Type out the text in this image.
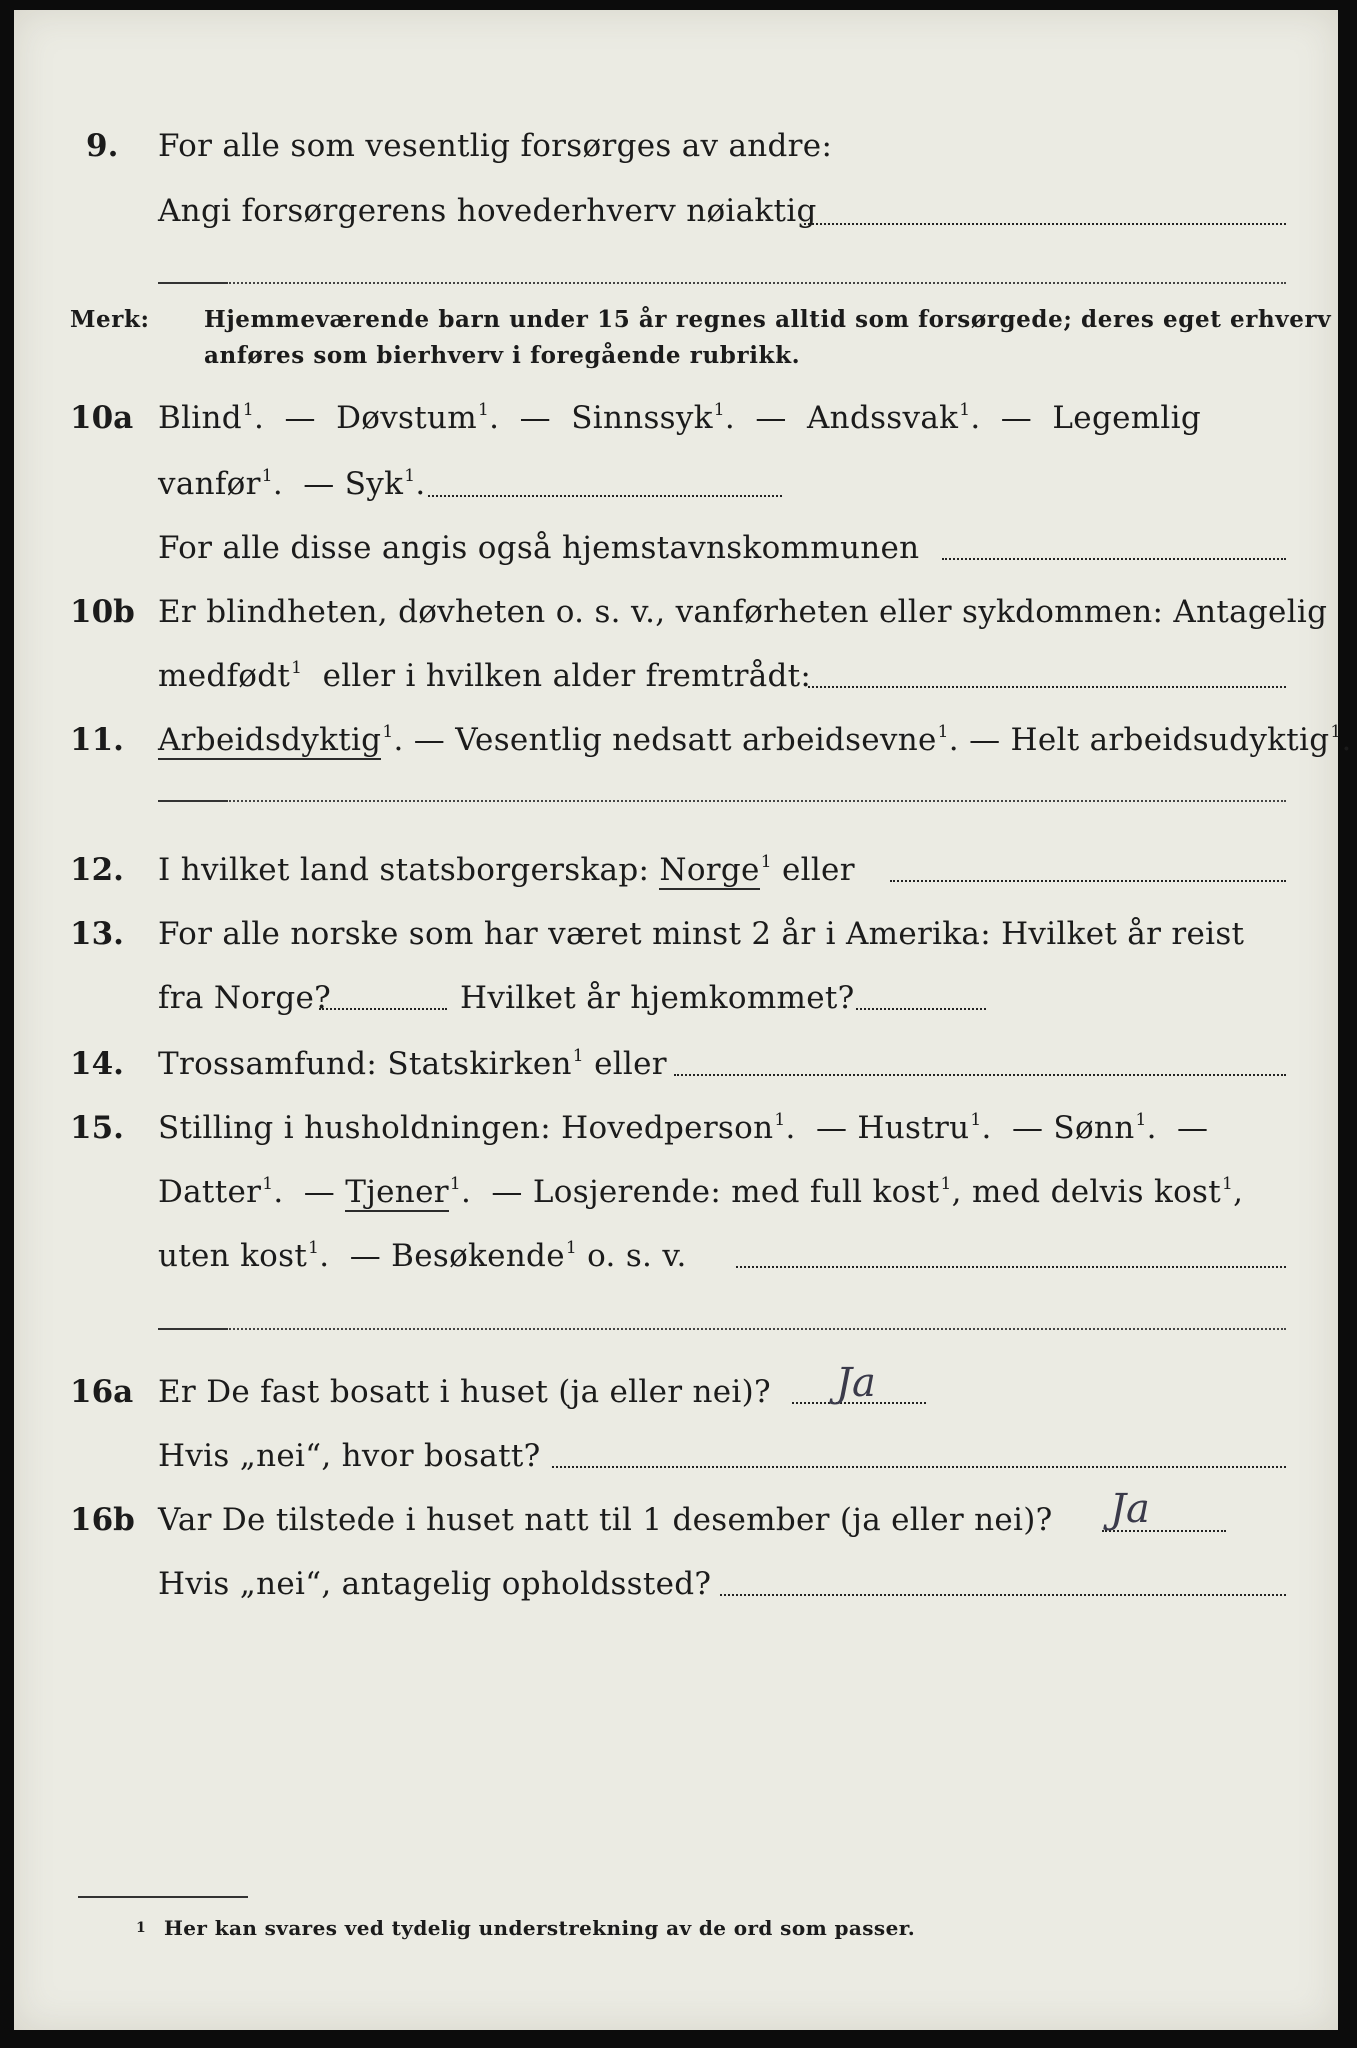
9. For alle som vesentlig forsørges av andre:
Angi forsørgerens hovederhverv nøiaktig
Merk: Hjemmeværende barn under 15 år regnes alltid som forsørgede; deres eget erhverv
anføres som bierhverv i foregående rubrikk.
10a Blind$^1$.  —  Døvstum$^1$.  —  Sinnssyk$^1$.  —  Andssvak$^1$.  —  Legemlig
vanfør$^1$.  — Syk$^1$.
For alle disse angis også hjemstavnskommunen
10b Er blindheten, døvheten o. s. v., vanførheten eller sykdommen: Antagelig
medfødt$^1$ eller i hvilken alder fremtrådt:
11. Arbeidsdyktig$^1$. — Vesentlig nedsatt arbeidsevne$^1$. — Helt arbeidsudyktig$^1$.
12. I hvilket land statsborgerskap: Norge$^1$ eller
13. For alle norske som har været minst 2 år i Amerika: Hvilket år reist
fra Norge?	Hvilket år hjemkommet?
14. Trossamfund: Statskirken$^1$ eller
15. Stilling i husholdningen: Hovedperson$^1$.  — Hustru$^1$.  — Sønn$^1$.  —
Datter$^1$.  — Tjener$^1$.  — Losjerende: med full kost$^1$, med delvis kost$^1$,
uten kost$^1$.  — Besøkende$^1$ o. s. v.
16a Er De fast bosatt i huset (ja eller nei)? Ja
Hvis „nei“, hvor bosatt?
16b Var De tilstede i huset natt til 1 desember (ja eller nei)? Ja
Hvis „nei“, antagelig opholdssted?
1 Her kan svares ved tydelig understrekning av de ord som passer.
